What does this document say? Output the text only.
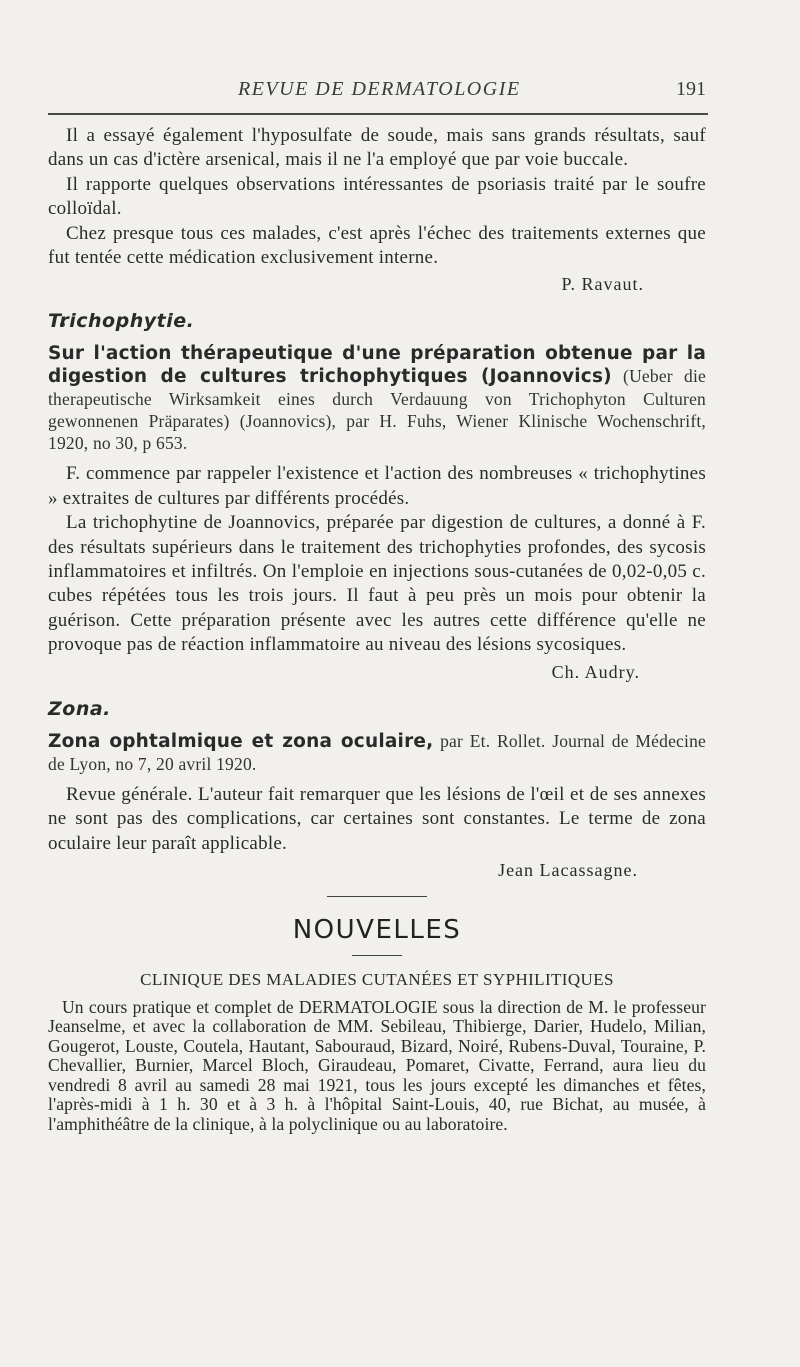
REVUE DE DERMATOLOGIE	191

Il a essayé également l'hyposulfate de soude, mais sans grands résultats, sauf dans un cas d'ictère arsenical, mais il ne l'a employé que par voie buccale.

Il rapporte quelques observations intéressantes de psoriasis traité par le soufre colloïdal.

Chez presque tous ces malades, c'est après l'échec des traitements externes que fut tentée cette médication exclusivement interne.

P. Ravaut.

Trichophytie.

Sur l'action thérapeutique d'une préparation obtenue par la digestion de cultures trichophytiques (Joannovics) (Ueber die therapeutische Wirksamkeit eines durch Verdauung von Trichophyton Culturen gewonnenen Präparates) (Joannovics), par H. Fuhs, Wiener Klinische Wochenschrift, 1920, no 30, p 653.

F. commence par rappeler l'existence et l'action des nombreuses « trichophytines » extraites de cultures par différents procédés.

La trichophytine de Joannovics, préparée par digestion de cultures, a donné à F. des résultats supérieurs dans le traitement des trichophyties profondes, des sycosis inflammatoires et infiltrés. On l'emploie en injections sous-cutanées de 0,02-0,05 c. cubes répétées tous les trois jours. Il faut à peu près un mois pour obtenir la guérison. Cette préparation présente avec les autres cette différence qu'elle ne provoque pas de réaction inflammatoire au niveau des lésions sycosiques.

Ch. Audry.

Zona.

Zona ophtalmique et zona oculaire, par Et. Rollet. Journal de Médecine de Lyon, no 7, 20 avril 1920.

Revue générale. L'auteur fait remarquer que les lésions de l'œil et de ses annexes ne sont pas des complications, car certaines sont constantes. Le terme de zona oculaire leur paraît applicable.

Jean Lacassagne.

NOUVELLES
CLINIQUE DES MALADIES CUTANÉES ET SYPHILITIQUES

Un cours pratique et complet de DERMATOLOGIE sous la direction de M. le professeur Jeanselme, et avec la collaboration de MM. Sebileau, Thibierge, Darier, Hudelo, Milian, Gougerot, Louste, Coutela, Hautant, Sabouraud, Bizard, Noiré, Rubens-Duval, Touraine, P. Chevallier, Burnier, Marcel Bloch, Giraudeau, Pomaret, Civatte, Ferrand, aura lieu du vendredi 8 avril au samedi 28 mai 1921, tous les jours excepté les dimanches et fêtes, l'après-midi à 1 h. 30 et à 3 h. à l'hôpital Saint-Louis, 40, rue Bichat, au musée, à l'amphithéâtre de la clinique, à la polyclinique ou au laboratoire.
